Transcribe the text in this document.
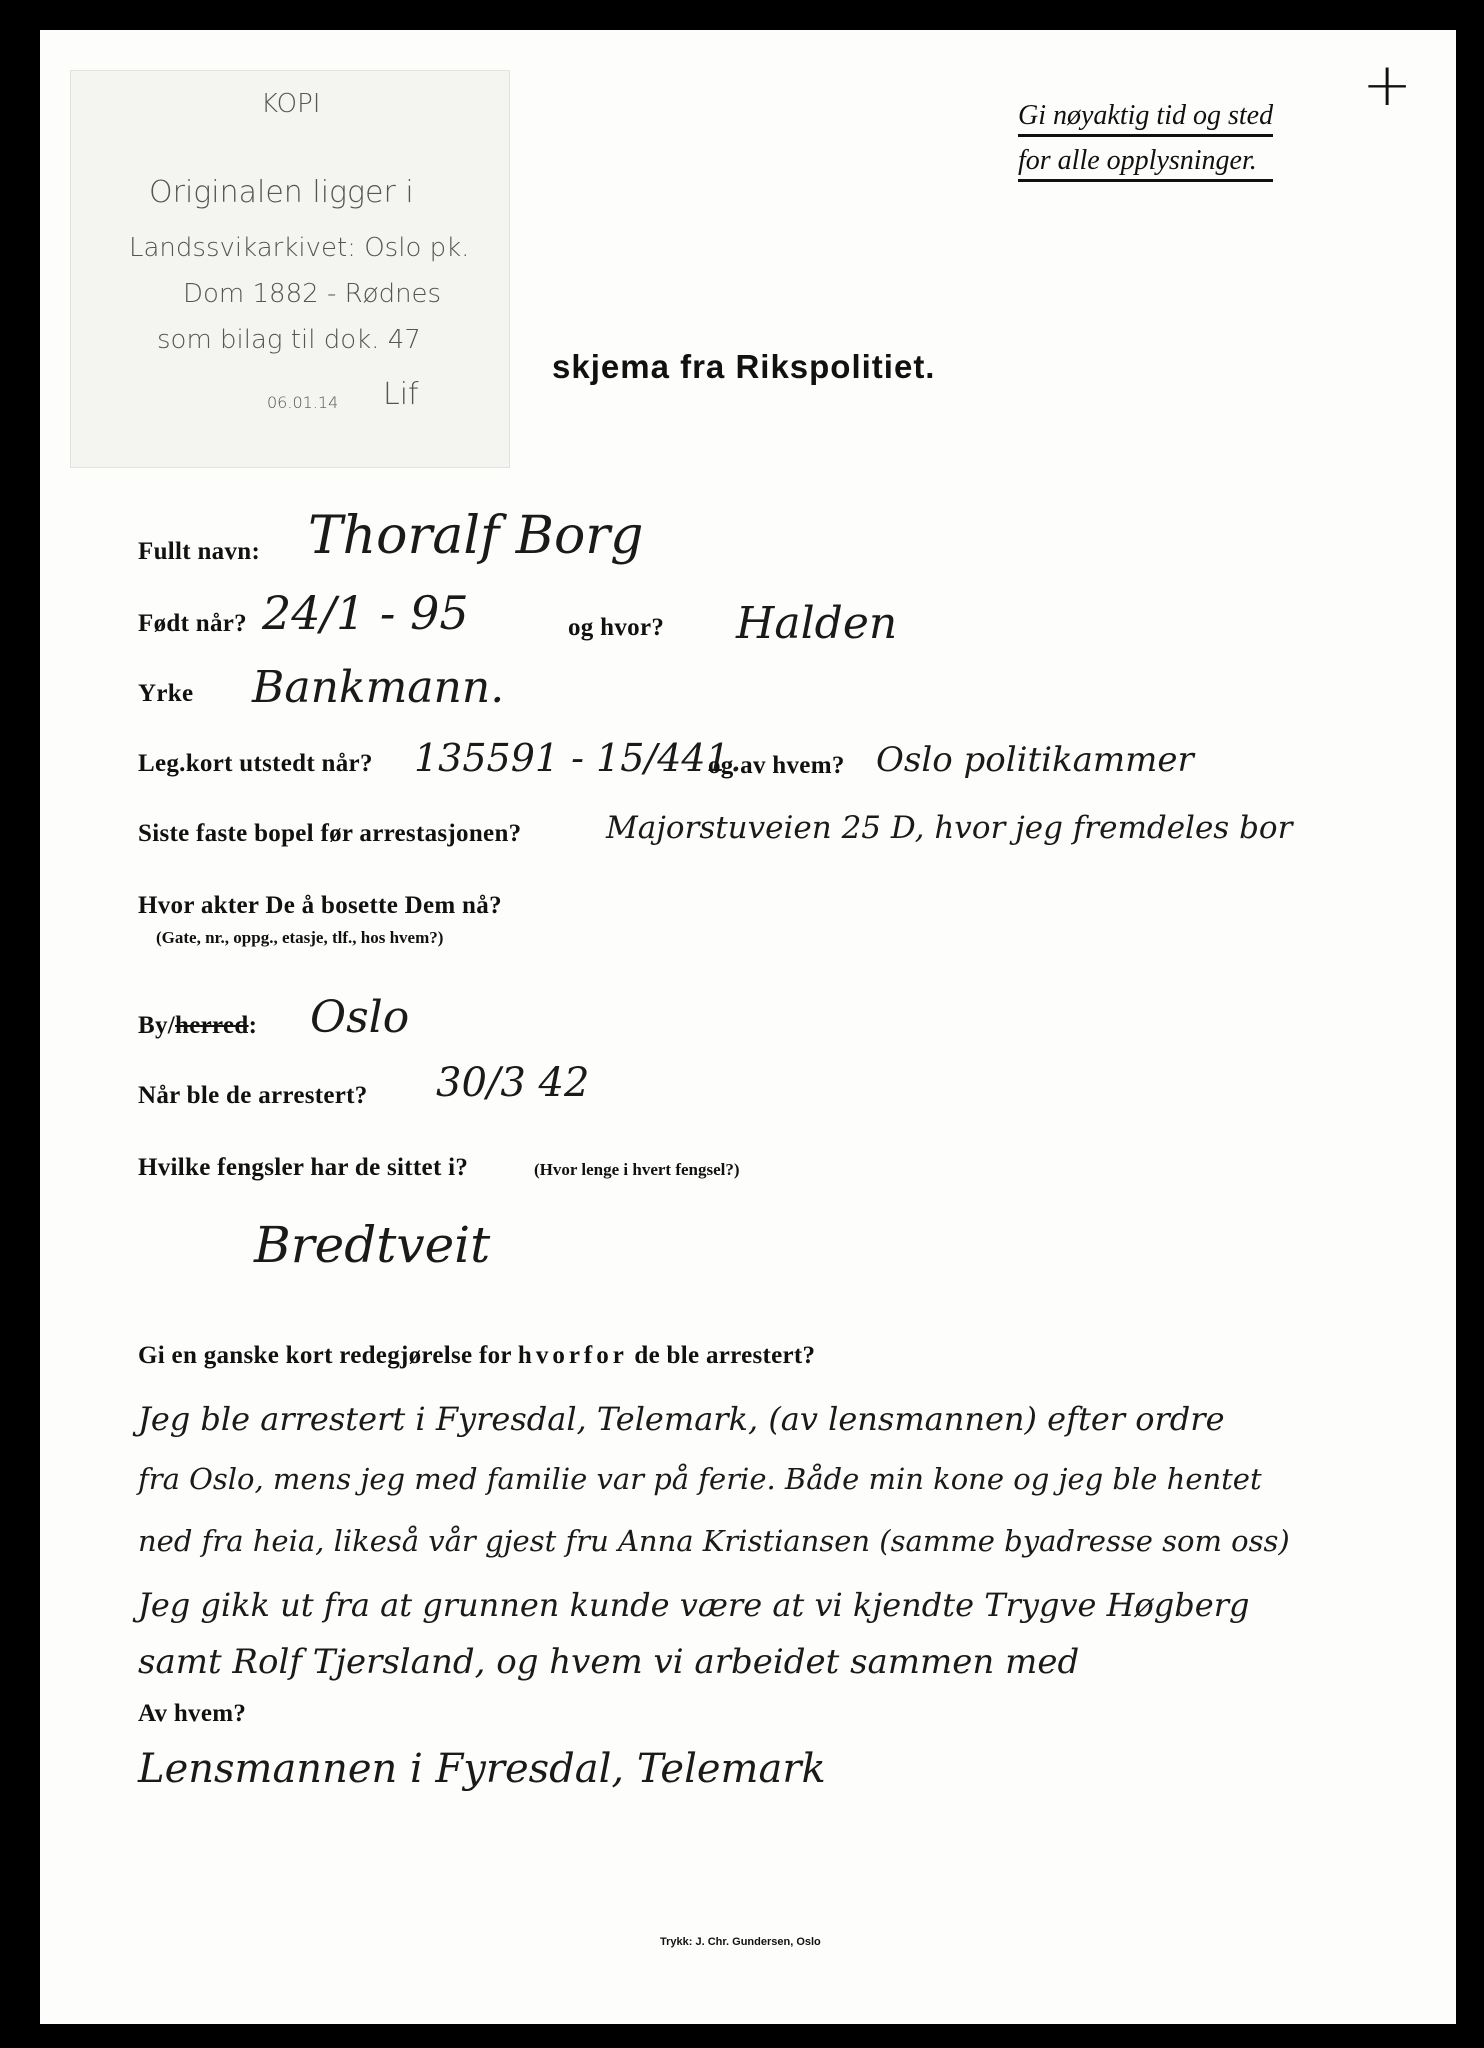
KOPI
Originalen ligger i
Landssvikarkivet: Oslo pk.
Dom 1882 - Rødnes
som bilag til dok. 47
06.01.14 Lif
+
Gi nøyaktig tid og sted
for alle opplysninger.
skjema fra Rikspolitiet.
Fullt navn: Thoralf Borg
Født når? 24/1 - 95	og hvor? Halden
Yrke Bankmann.
Leg.kort utstedt når? 135591 - 15/441.
og av hvem? Oslo politikammer
Siste faste bopel før arrestasjonen?	Majorstuveien 25 D, hvor jeg fremdeles bor
Hvor akter De å bosette Dem nå?
(Gate, nr., oppg., etasje, tlf., hos hvem?)
By/herred: Oslo
Når ble de arrestert? 30/3 42
Hvilke fengsler har de sittet i?	(Hvor lenge i hvert fengsel?)
Bredtveit
Gi en ganske kort redegjørelse for hvorfor de ble arrestert?
Jeg ble arrestert i Fyresdal, Telemark, (av lensmannen) efter ordre
fra Oslo, mens jeg med familie var på ferie. Både min kone og jeg ble hentet
ned fra heia, likeså vår gjest fru Anna Kristiansen (samme byadresse som oss)
Jeg gikk ut fra at grunnen kunde være at vi kjendte Trygve Høgberg
samt Rolf Tjersland, og hvem vi arbeidet sammen med
Av hvem?
Lensmannen i Fyresdal, Telemark
Trykk: J. Chr. Gundersen, Oslo
